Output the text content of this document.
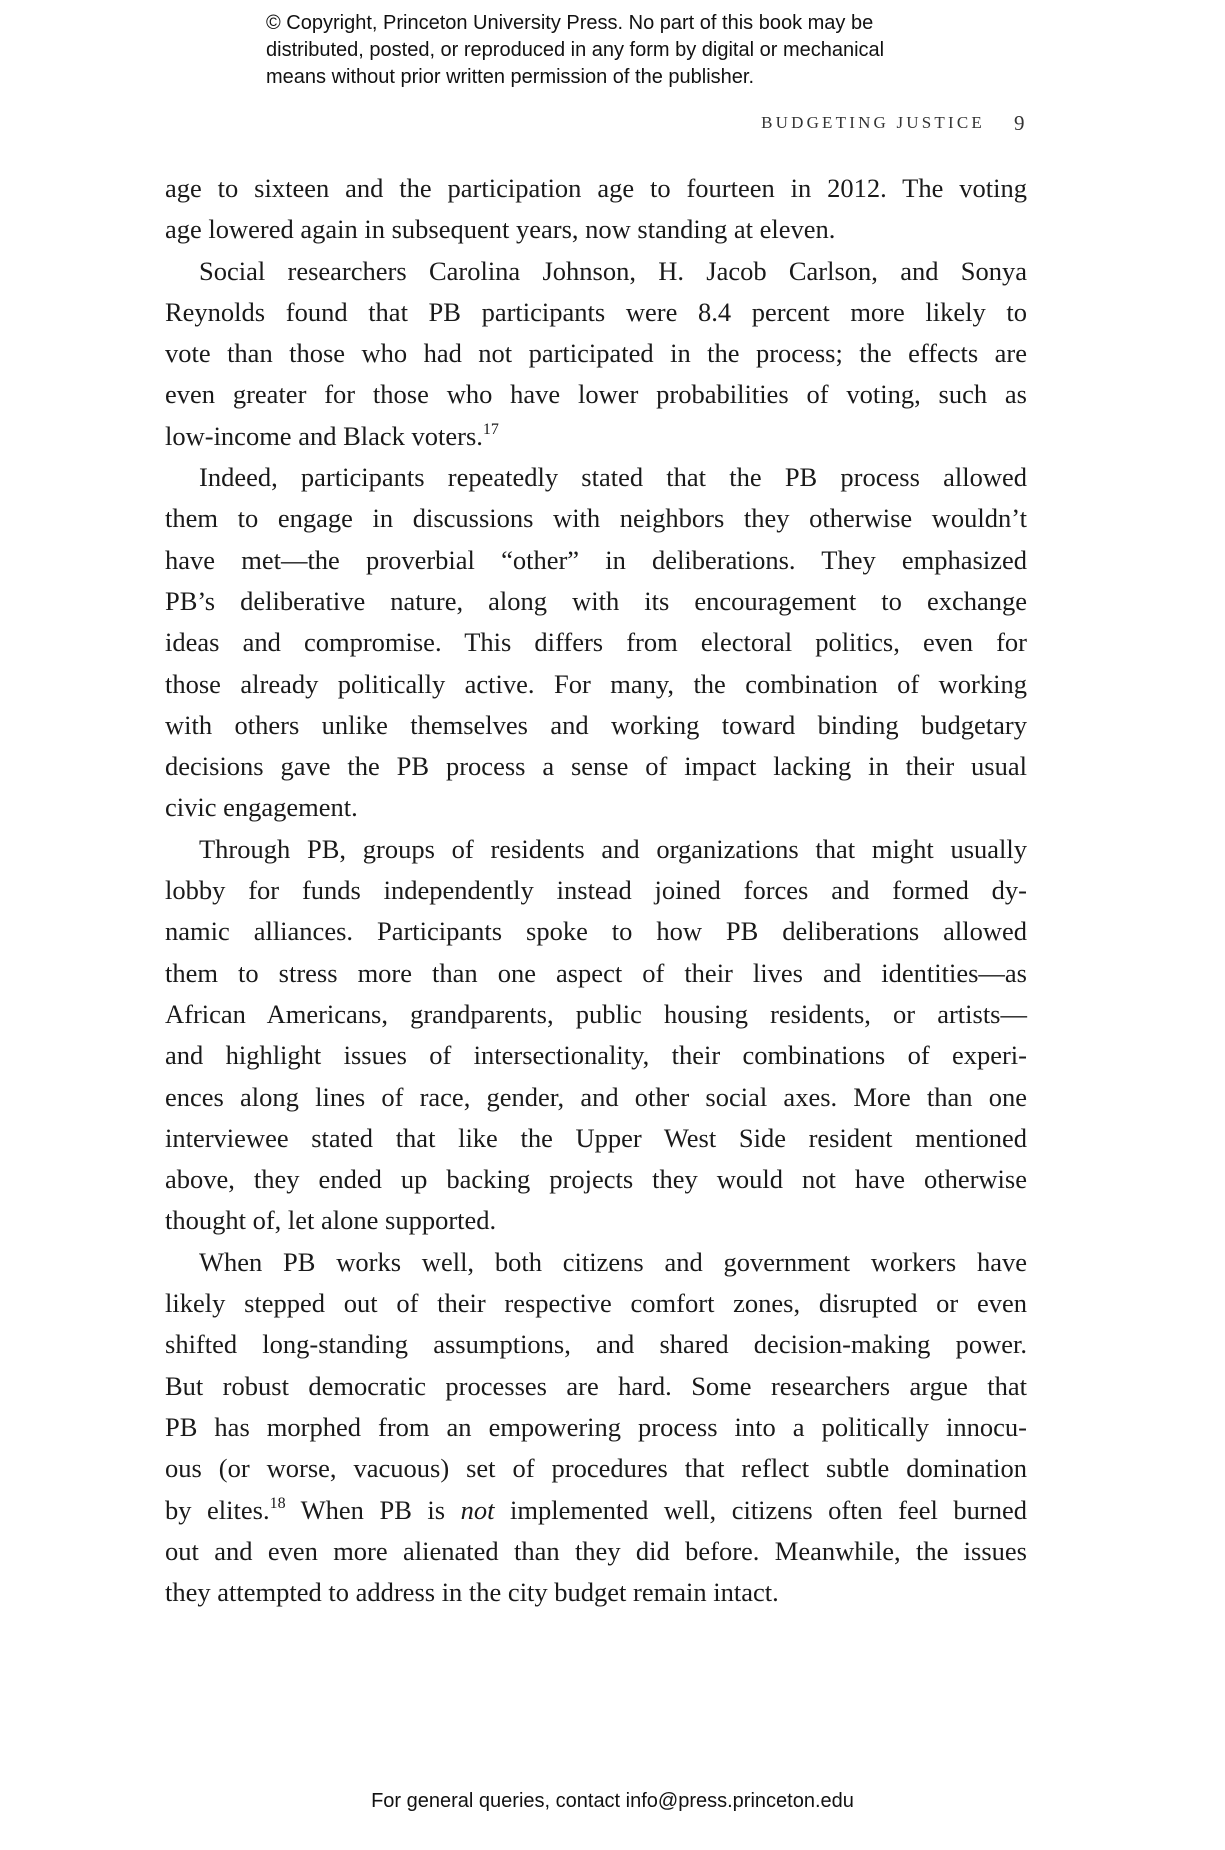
© Copyright, Princeton University Press. No part of this book may be
distributed, posted, or reproduced in any form by digital or mechanical
means without prior written permission of the publisher.
BUDGETING JUSTICE 9
age to sixteen and the participation age to fourteen in 2012. The voting
age lowered again in subsequent years, now standing at eleven.
Social researchers Carolina Johnson, H. Jacob Carlson, and Sonya
Reynolds found that PB participants were 8.4 percent more likely to
vote than those who had not participated in the process; the effects are
even greater for those who have lower probabilities of voting, such as
low-income and Black voters.$^{17}$
Indeed, participants repeatedly stated that the PB process allowed
them to engage in discussions with neighbors they otherwise wouldn’t
have met—the proverbial “other” in deliberations. They emphasized
PB’s deliberative nature, along with its encouragement to exchange
ideas and compromise. This differs from electoral politics, even for
those already politically active. For many, the combination of working
with others unlike themselves and working toward binding budgetary
decisions gave the PB process a sense of impact lacking in their usual
civic engagement.
Through PB, groups of residents and organizations that might usually
lobby for funds independently instead joined forces and formed dy-
namic alliances. Participants spoke to how PB deliberations allowed
them to stress more than one aspect of their lives and identities—as
African Americans, grandparents, public housing residents, or artists—
and highlight issues of intersectionality, their combinations of experi-
ences along lines of race, gender, and other social axes. More than one
interviewee stated that like the Upper West Side resident mentioned
above, they ended up backing projects they would not have otherwise
thought of, let alone supported.
When PB works well, both citizens and government workers have
likely stepped out of their respective comfort zones, disrupted or even
shifted long-standing assumptions, and shared decision-making power.
But robust democratic processes are hard. Some researchers argue that
PB has morphed from an empowering process into a politically innocu-
ous (or worse, vacuous) set of procedures that reflect subtle domination
by elites.$^{18}$ When PB is not implemented well, citizens often feel burned
out and even more alienated than they did before. Meanwhile, the issues
they attempted to address in the city budget remain intact.
For general queries, contact info@press.princeton.edu
